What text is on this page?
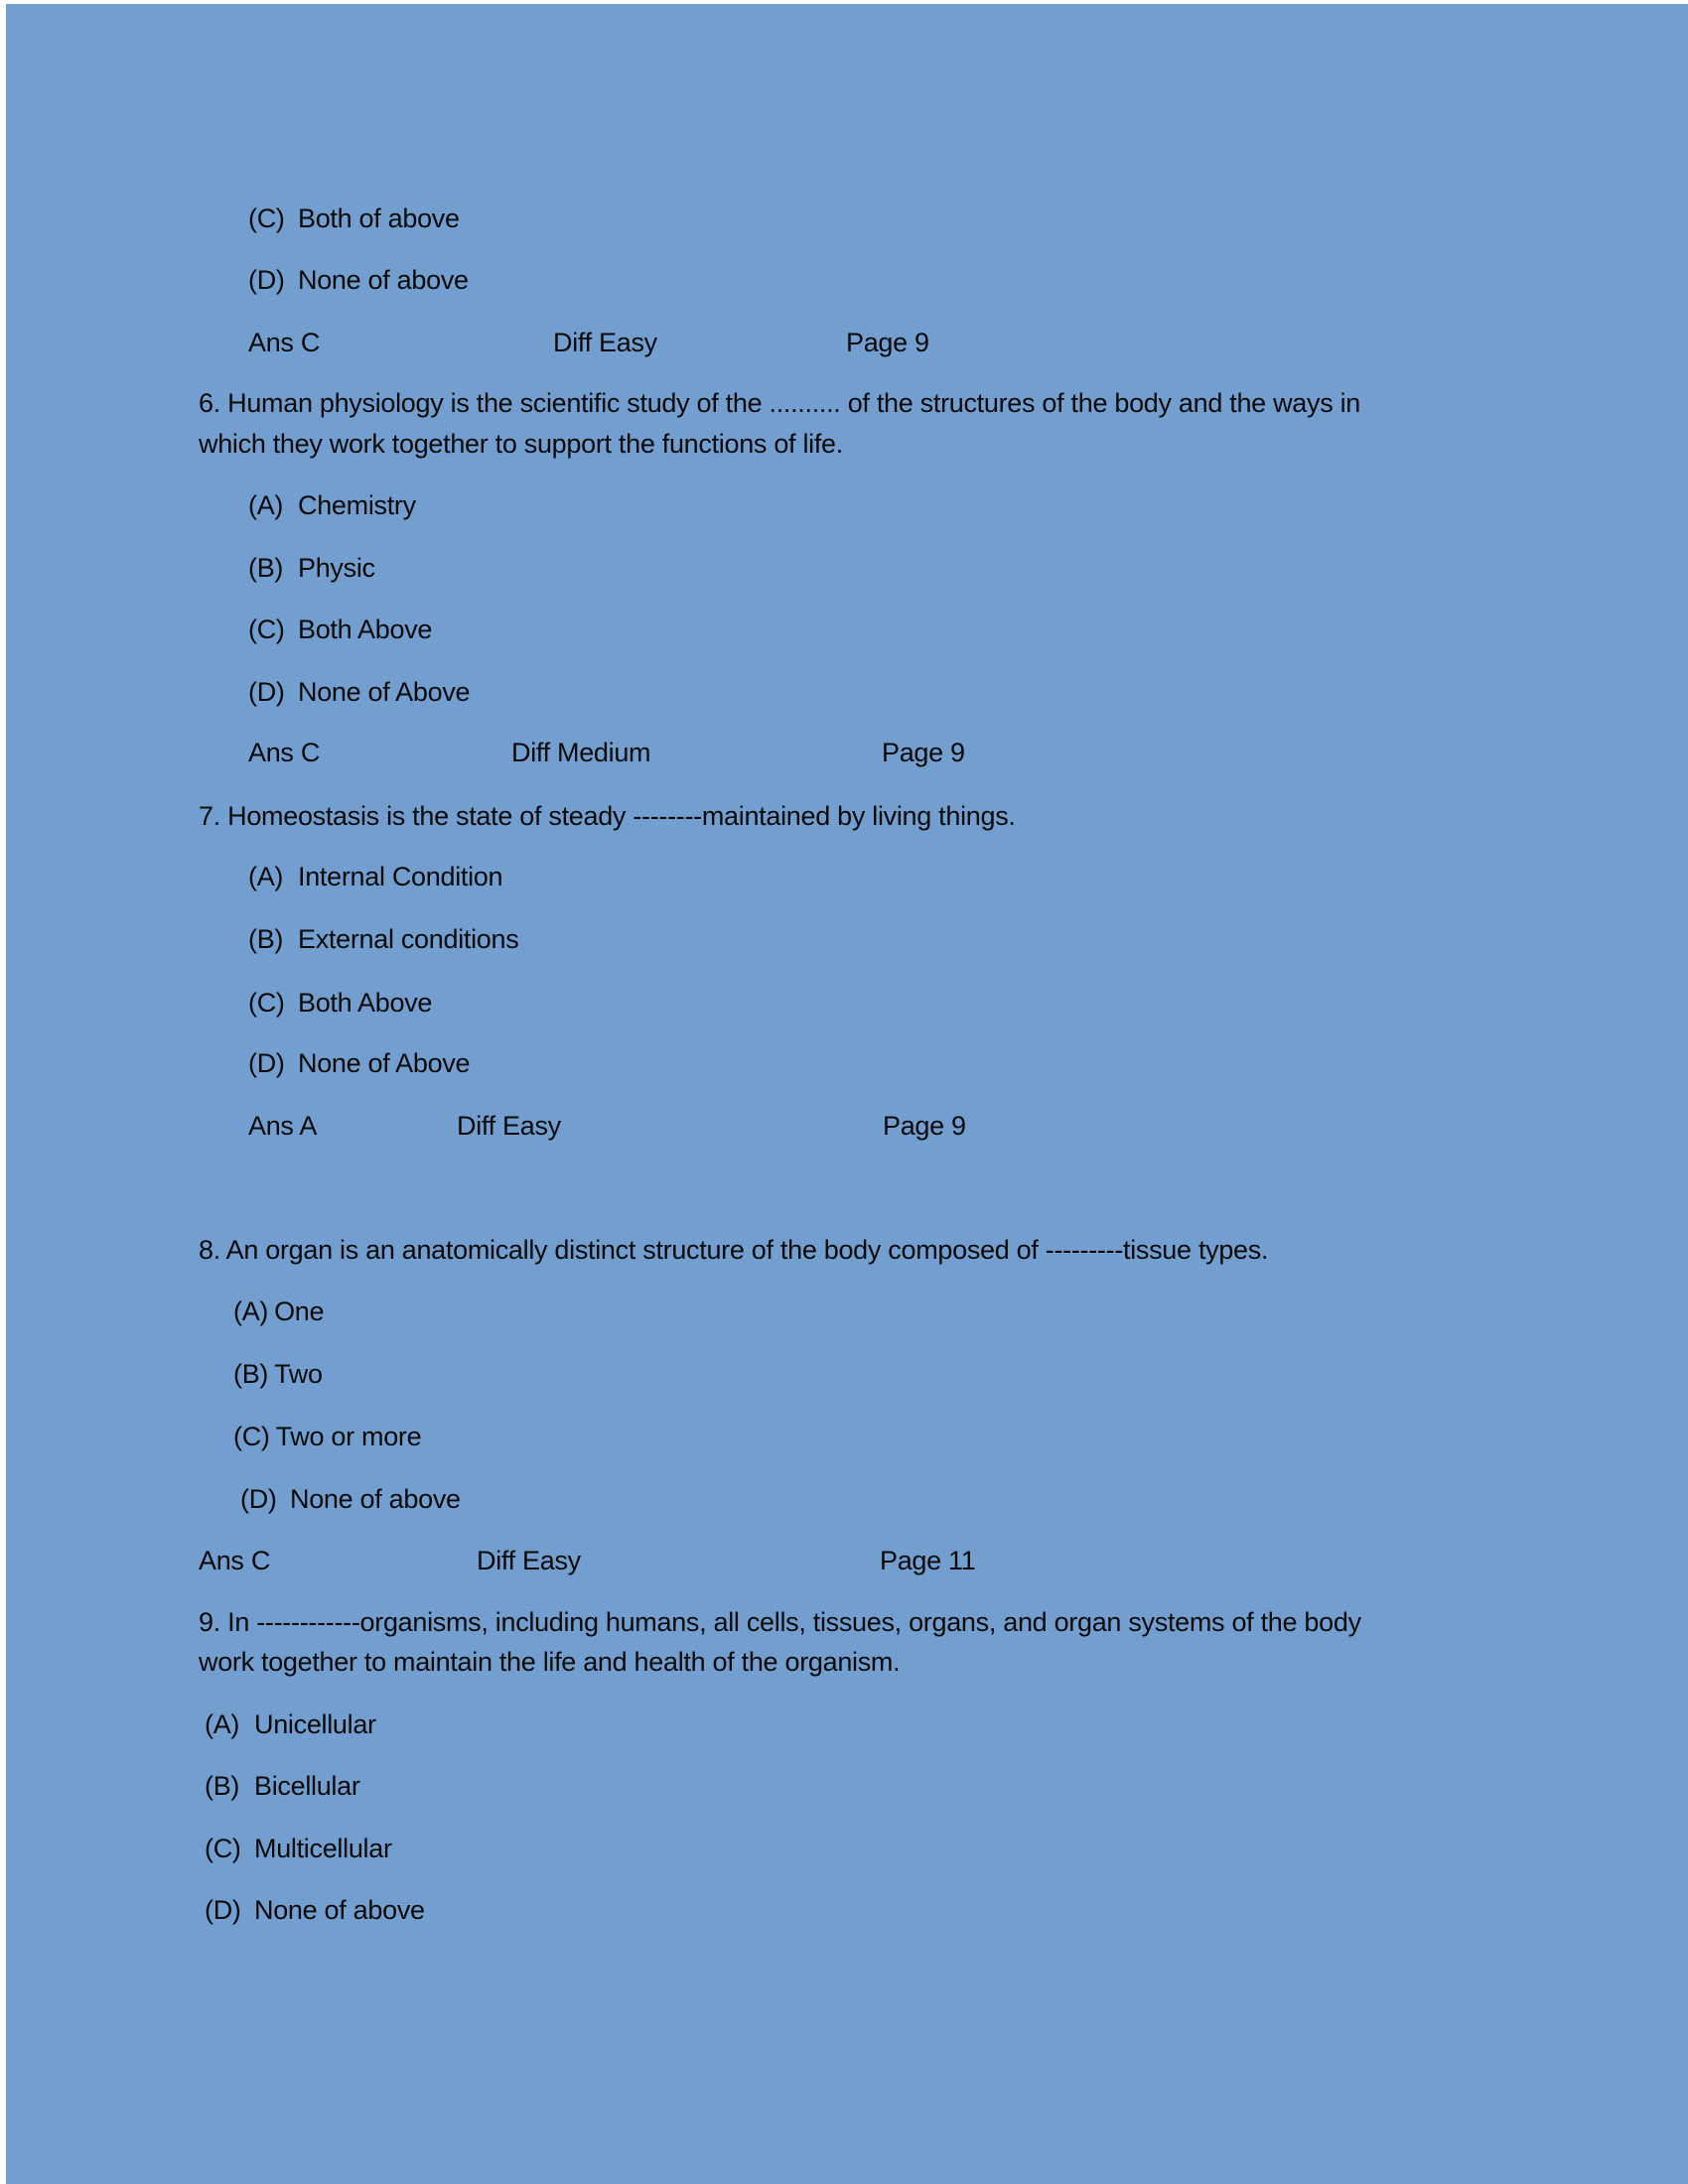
(C) Both of above
(D) None of above
Ans C	Diff Easy	Page 9
6. Human physiology is the scientific study of the .......... of the structures of the body and the ways in
which they work together to support the functions of life.
(A) Chemistry
(B) Physic
(C) Both Above
(D) None of Above
Ans C	Diff Medium	Page 9
7. Homeostasis is the state of steady --------maintained by living things.
(A) Internal Condition
(B) External conditions
(C) Both Above
(D) None of Above
Ans A	Diff Easy	Page 9
8. An organ is an anatomically distinct structure of the body composed of ---------tissue types.
(A) One
(B) Two
(C) Two or more
(D) None of above
Ans C	Diff Easy	Page 11
9. In ------------organisms, including humans, all cells, tissues, organs, and organ systems of the body
work together to maintain the life and health of the organism.
(A) Unicellular
(B) Bicellular
(C) Multicellular
(D) None of above
